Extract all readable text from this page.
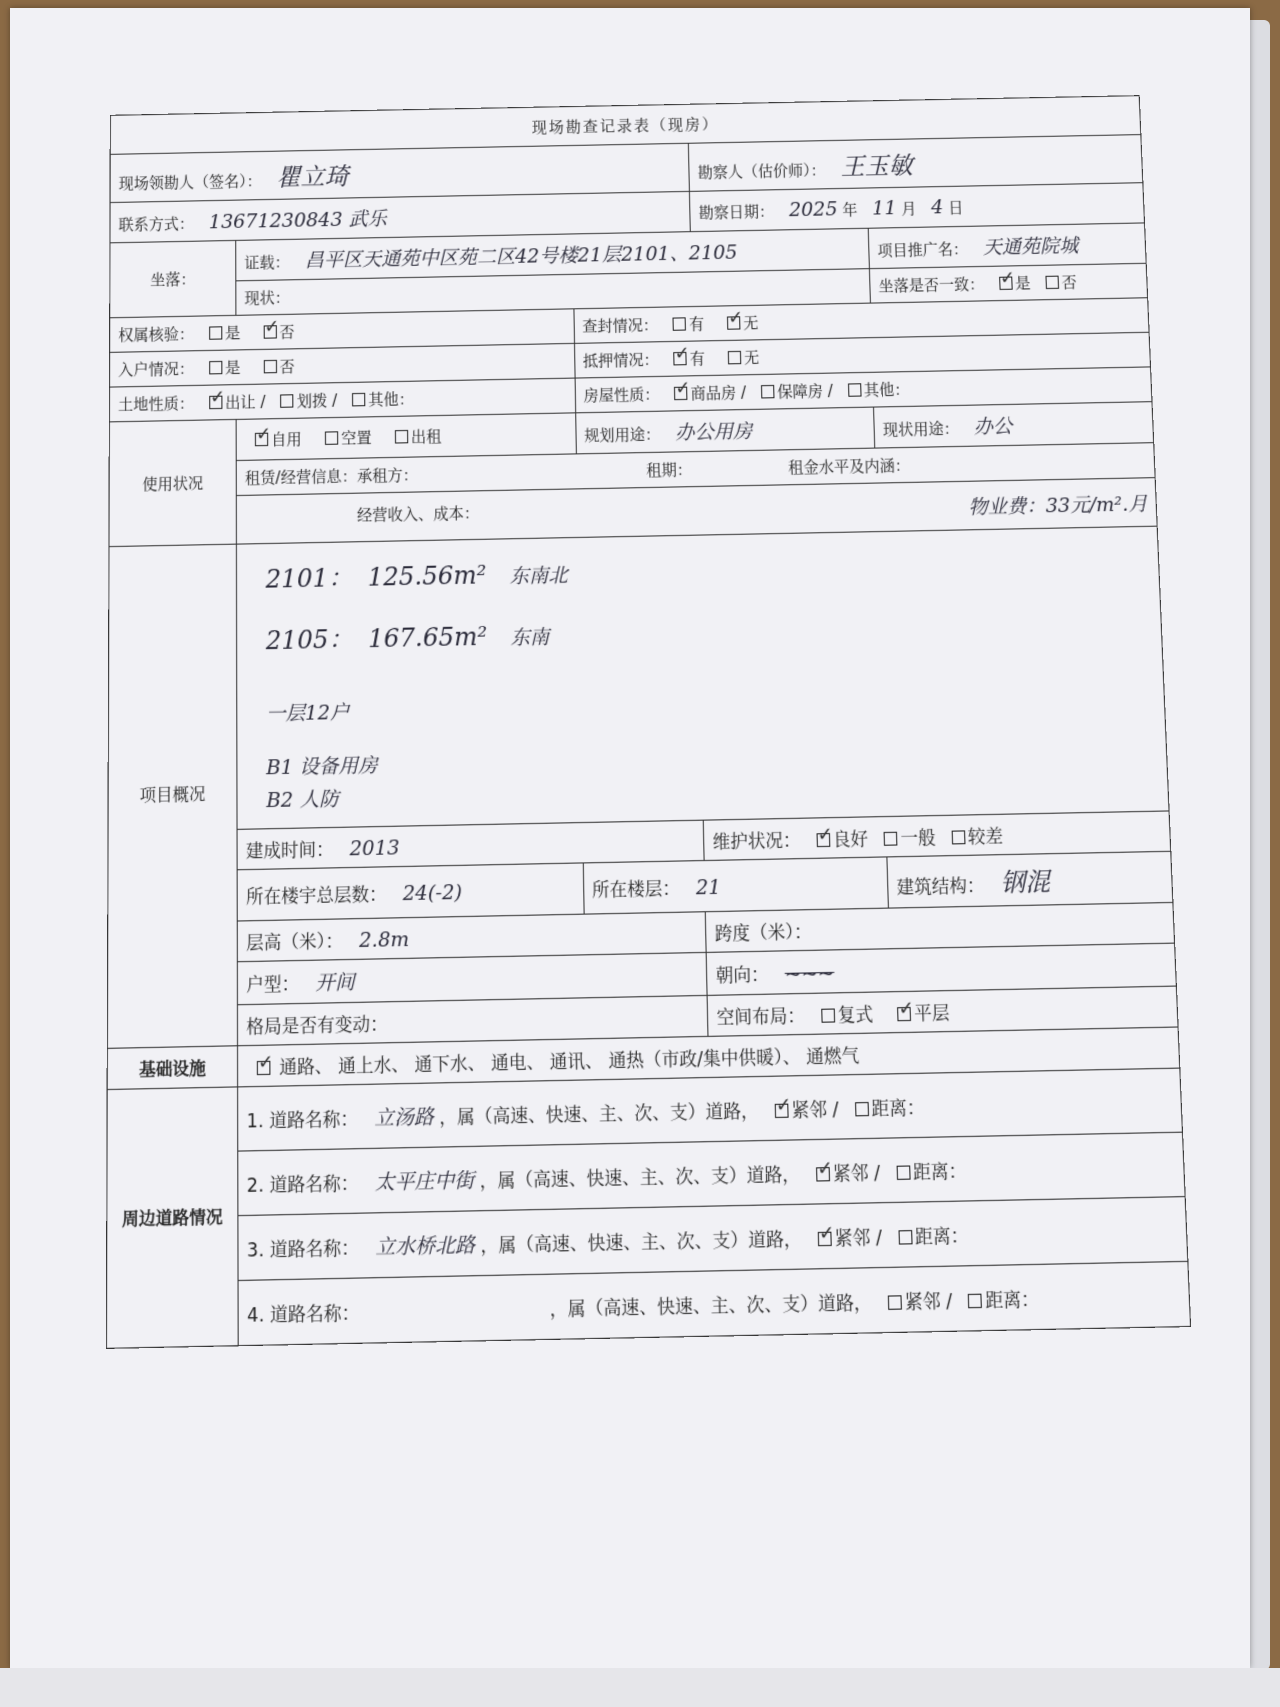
现场勘查记录表（现房）				
现场领勘人（签名）： 瞿立琦			勘察人（估价师）： 王玉敏	
联系方式： 13671230843 武乐			勘察日期： 2025 年 11 月 4 日	
坐落：	证载： 昌平区天通苑中区苑二区42号楼21层2101、2105			项目推广名： 天通苑院城
	现状：			坐落是否一致： ✓ 是 否
权属核验： 是 ✓ 否		查封情况： 有 ✓ 无
入户情况： 是 否		抵押情况： ✓ 有 无
土地性质： ✓ 出让 / 划拨 / 其他：		房屋性质： ✓ 商品房 / 保障房 / 其他：
使用状况	✓自用 空置 出租	规划用途： 办公用房		现状用途： 办公
	租赁/经营信息：承租方： 租期： 租金水平及内涵：			
	经营收入、成本： 物业费：33元/m².月			

项目概况	2101： 125.56m² 东南北
2105： 167.65m² 东南
一层12户
B1 设备用房
B2 人防			

	建成时间： 2013		维护状况： ✓ 良好 一般 较差
	所在楼宇总层数： 24(-2)	所在楼层： 21		建筑结构： 钢混
	层高（米）： 2.8m		跨度（米）：	
	户型： 开间		朝向： ~~~	
	格局是否有变动：		空间布局： 复式 ✓ 平层
基础设施	✓通路、 通上水、 通下水、 通电、 通讯、 通热（市政/集中供暖）、 通燃气
周边道路情况	1. 道路名称： 立汤路 ，属（高速、快速、主、次、支）道路， ✓ 紧邻 / 距离：
	2. 道路名称： 太平庄中街 ，属（高速、快速、主、次、支）道路， ✓ 紧邻 / 距离：
	3. 道路名称： 立水桥北路 ，属（高速、快速、主、次、支）道路， ✓ 紧邻 / 距离：
	4. 道路名称： ，属（高速、快速、主、次、支）道路， 紧邻 / 距离：			
